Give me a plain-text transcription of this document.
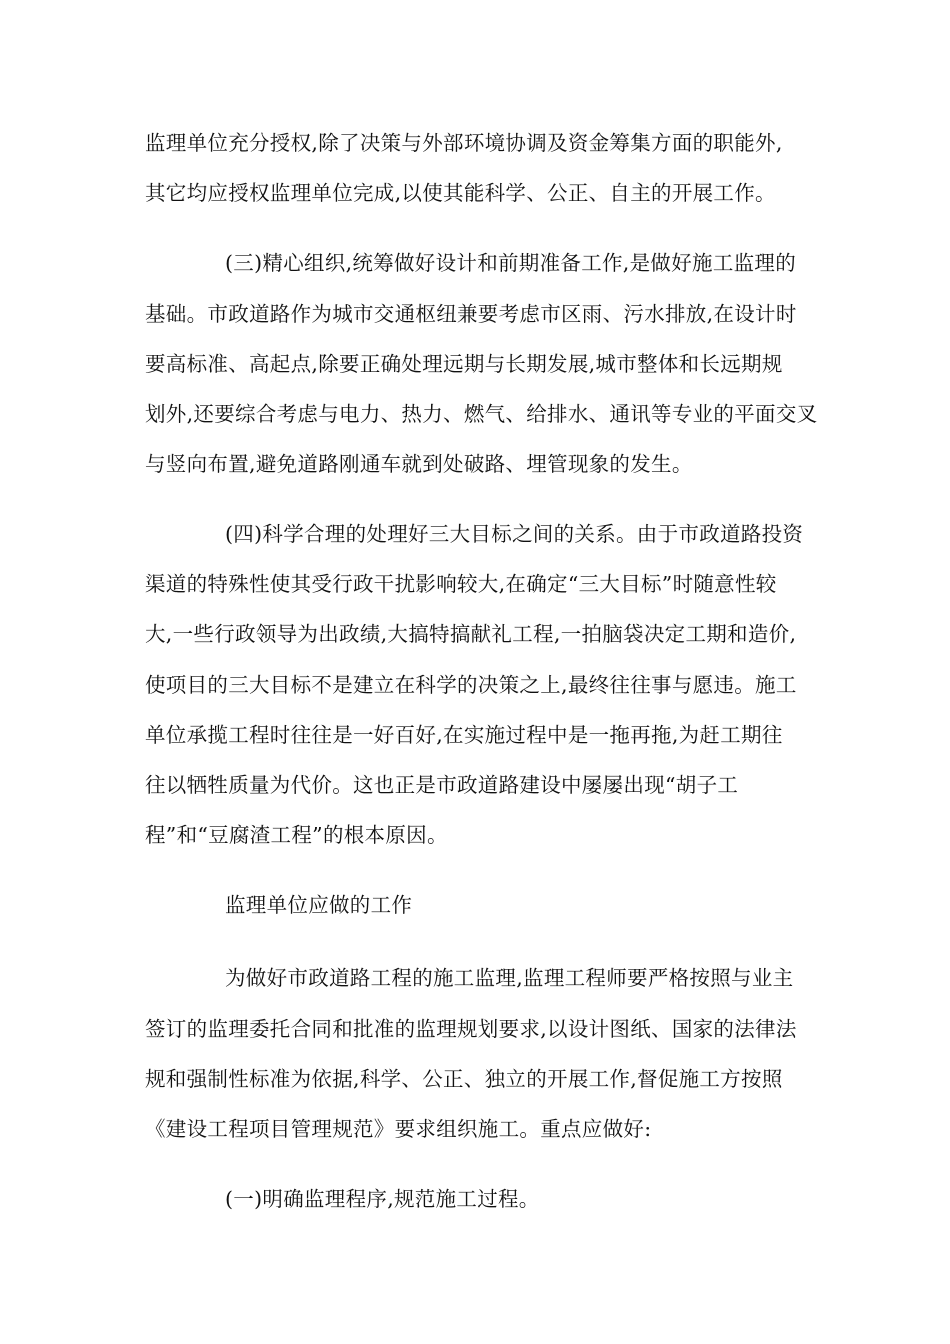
监理单位充分授权,除了决策与外部环境协调及资金筹集方面的职能外,
其它均应授权监理单位完成,以使其能科学、公正、自主的开展工作。
(三)精心组织,统筹做好设计和前期准备工作,是做好施工监理的
基础。市政道路作为城市交通枢纽兼要考虑市区雨、污水排放,在设计时
要高标准、高起点,除要正确处理远期与长期发展,城市整体和长远期规
划外,还要综合考虑与电力、热力、燃气、给排水、通讯等专业的平面交叉
与竖向布置,避免道路刚通车就到处破路、埋管现象的发生。
(四)科学合理的处理好三大目标之间的关系。由于市政道路投资
渠道的特殊性使其受行政干扰影响较大,在确定“三大目标”时随意性较
大,一些行政领导为出政绩,大搞特搞献礼工程,一拍脑袋决定工期和造价,
使项目的三大目标不是建立在科学的决策之上,最终往往事与愿违。施工
单位承揽工程时往往是一好百好,在实施过程中是一拖再拖,为赶工期往
往以牺牲质量为代价。这也正是市政道路建设中屡屡出现“胡子工
程”和“豆腐渣工程”的根本原因。
监理单位应做的工作
为做好市政道路工程的施工监理,监理工程师要严格按照与业主
签订的监理委托合同和批准的监理规划要求,以设计图纸、国家的法律法
规和强制性标准为依据,科学、公正、独立的开展工作,督促施工方按照
《建设工程项目管理规范》要求组织施工。重点应做好:
(一)明确监理程序,规范施工过程。
